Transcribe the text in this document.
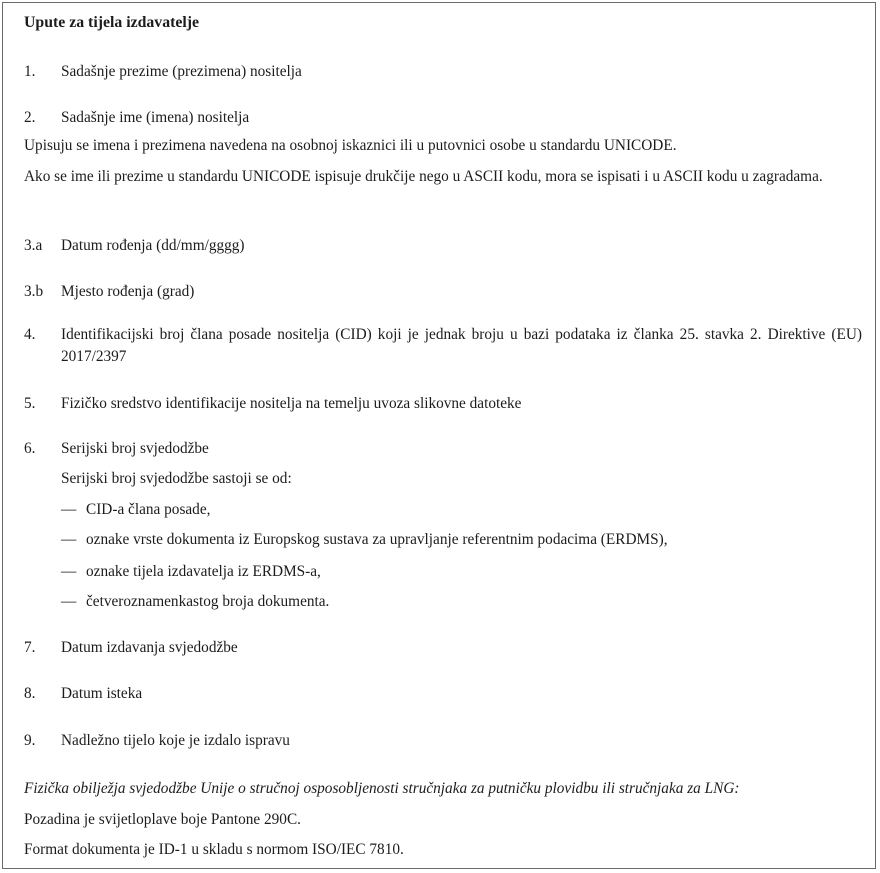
Upute za tijela izdavatelje
1. Sadašnje prezime (prezimena) nositelja
2. Sadašnje ime (imena) nositelja
Upisuju se imena i prezimena navedena na osobnoj iskaznici ili u putovnici osobe u standardu UNICODE.
Ako se ime ili prezime u standardu UNICODE ispisuje drukčije nego u ASCII kodu, mora se ispisati i u ASCII kodu u zagradama.
3.a Datum rođenja (dd/mm/gggg)
3.b Mjesto rođenja (grad)
4. Identifikacijski broj člana posade nositelja (CID) koji je jednak broju u bazi podataka iz članka 25. stavka 2. Direktive (EU) 2017/2397
5. Fizičko sredstvo identifikacije nositelja na temelju uvoza slikovne datoteke
6. Serijski broj svjedodžbe
Serijski broj svjedodžbe sastoji se od:
— CID-a člana posade,
— oznake vrste dokumenta iz Europskog sustava za upravljanje referentnim podacima (ERDMS),
— oznake tijela izdavatelja iz ERDMS-a,
— četveroznamenkastog broja dokumenta.
7. Datum izdavanja svjedodžbe
8. Datum isteka
9. Nadležno tijelo koje je izdalo ispravu
Fizička obilježja svjedodžbe Unije o stručnoj osposobljenosti stručnjaka za putničku plovidbu ili stručnjaka za LNG:
Pozadina je svijetloplave boje Pantone 290C.
Format dokumenta je ID-1 u skladu s normom ISO/IEC 7810.
